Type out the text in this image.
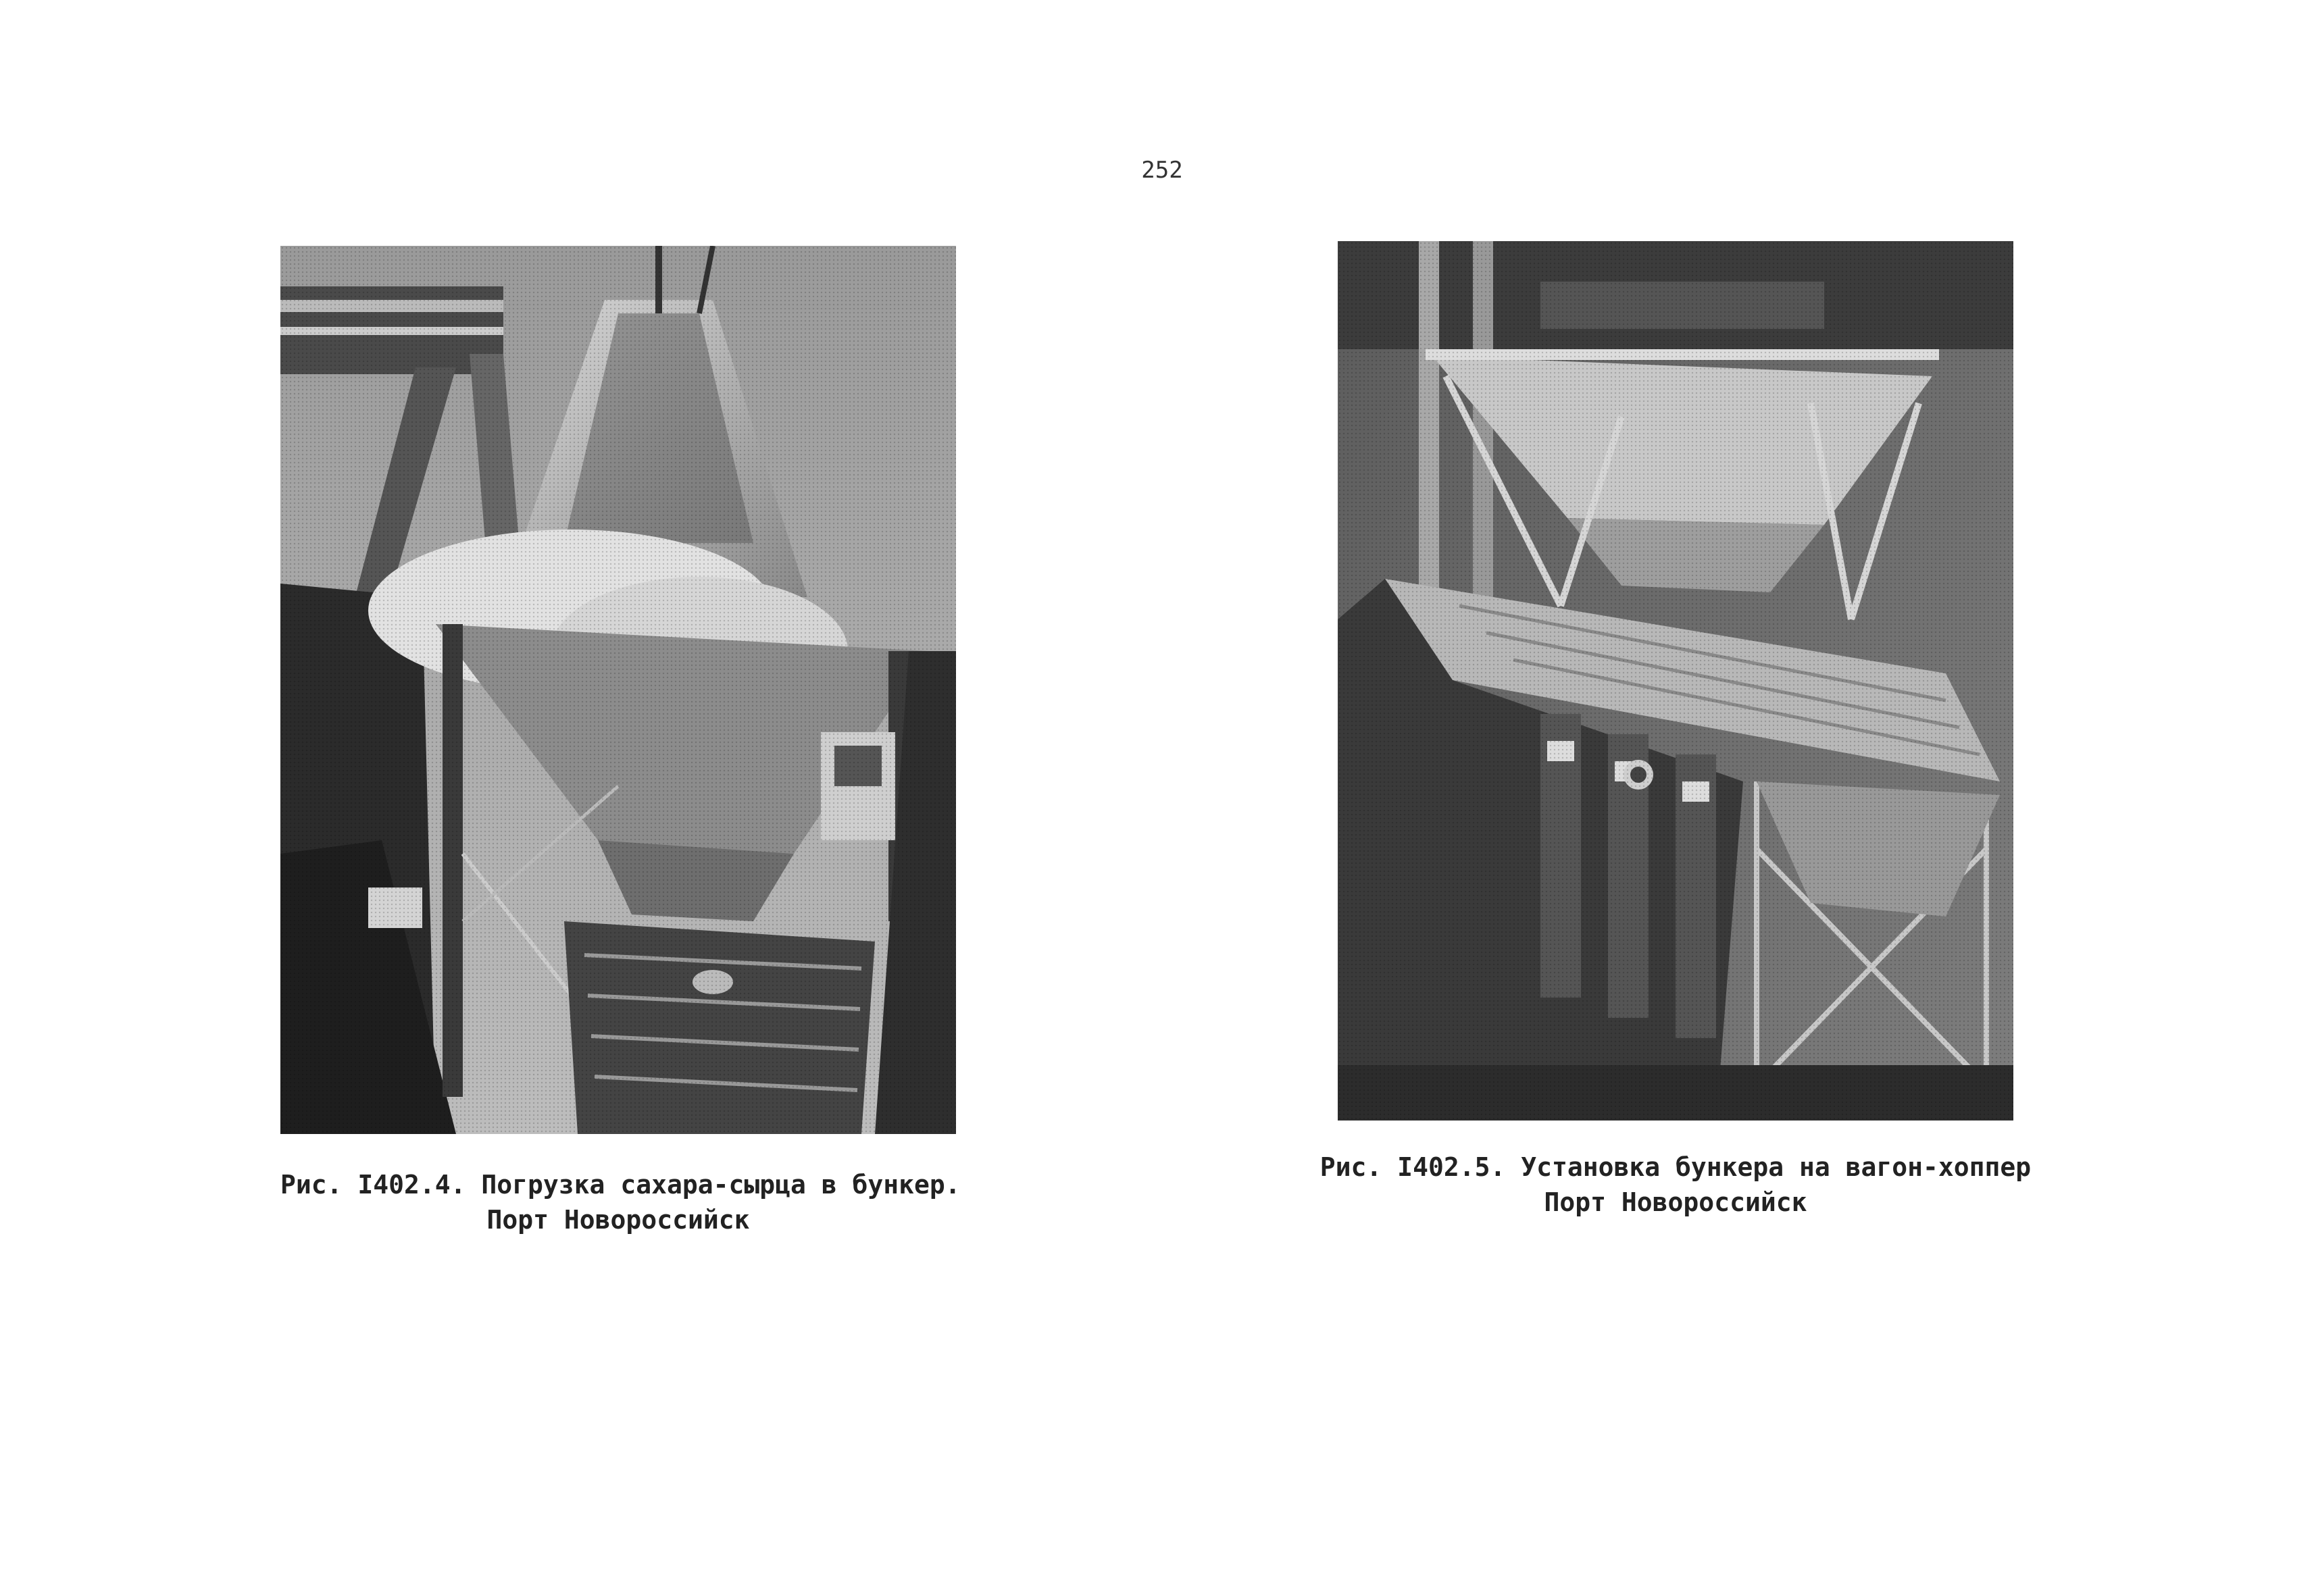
252
Рис. I402.4. Погрузка сахара-сырца в бункер.
Порт Новороссийск
Рис. I402.5. Установка бункера на вагон-хоппер
Порт Новороссийск
